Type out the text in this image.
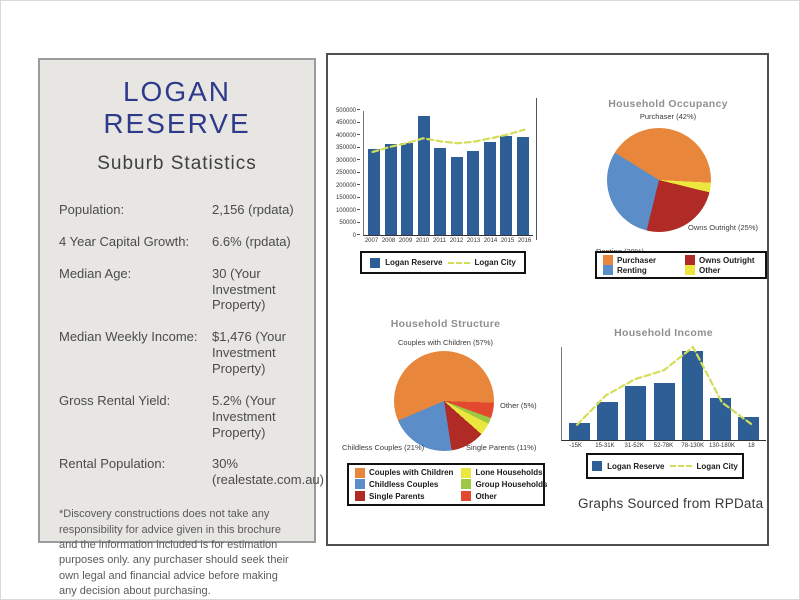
LOGAN RESERVE
Suburb Statistics
Population:	2,156 (rpdata)
4 Year Capital Growth:	6.6% (rpdata)
Median Age:	30 (Your Investment Property)
Median Weekly Income:	$1,476 (Your Investment Property)
Gross Rental Yield:	5.2% (Your Investment Property)
Rental Population:	30% (realestate.com.au)

*Discovery constructions does not take any responsibility for advice given in this brochure and the information included is for estimation purposes only. any purchaser should seek their own legal and financial advice before making any decision about purchasing.

500000
450000
400000
350000
300000
250000
200000
150000
100000
50000
0
2007 2008 2009 2010 2011 2012 2013 2014 2015 2016
Logan Reserve	Logan City
Household Occupancy
Purchaser (42%)
Owns Outright (25%)
Purchaser
Renting
Owns Outright
Other
Household Structure
Couples with Children (57%)
Other (5%)
Single Parents (11%)
Childless Couples (21%)
Couples with Children
Childless Couples
Single Parents
Lone Households
Group Households
Other
Household Income
-15K	15-31K	31-52K	52-78K	78-130K 130-180K	18
Logan Reserve	Logan City
Graphs Sourced from RPData
